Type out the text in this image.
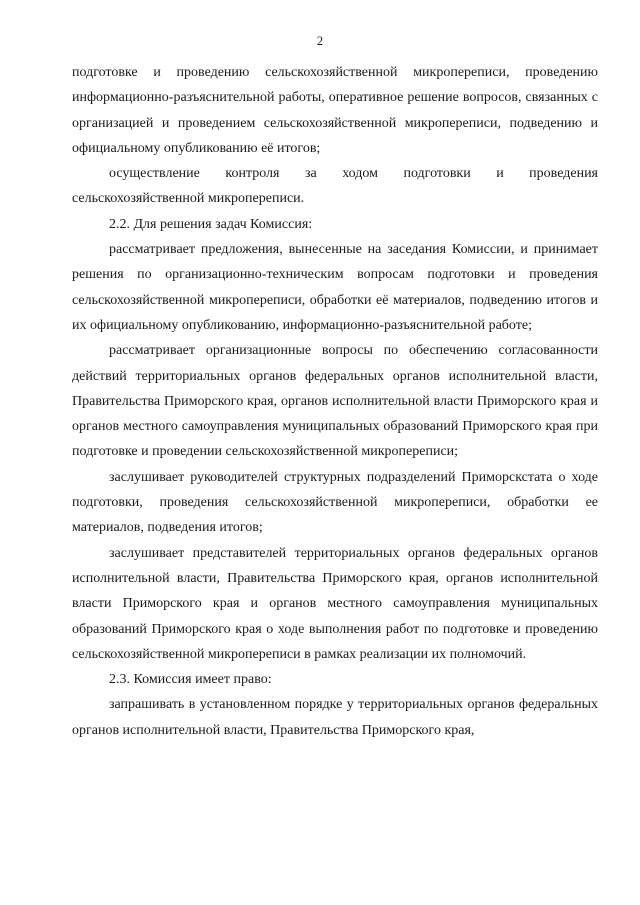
2

подготовке и проведению сельскохозяйственной микропереписи, проведению информационно-разъяснительной работы, оперативное решение вопросов, связанных с организацией и проведением сельскохозяйственной микропереписи, подведению и официальному опубликованию её итогов;

осуществление контроля за ходом подготовки и проведения сельскохозяйственной микропереписи.

2.2. Для решения задач Комиссия:

рассматривает предложения, вынесенные на заседания Комиссии, и принимает решения по организационно-техническим вопросам подготовки и проведения сельскохозяйственной микропереписи, обработки её материалов, подведению итогов и их официальному опубликованию, информационно-разъяснительной работе;

рассматривает организационные вопросы по обеспечению согласованности действий территориальных органов федеральных органов исполнительной власти, Правительства Приморского края, органов исполнительной власти Приморского края и органов местного самоуправления муниципальных образований Приморского края при подготовке и проведении сельскохозяйственной микропереписи;

заслушивает руководителей структурных подразделений Приморскстата о ходе подготовки, проведения сельскохозяйственной микропереписи, обработки ее материалов, подведения итогов;

заслушивает представителей территориальных органов федеральных органов исполнительной власти, Правительства Приморского края, органов исполнительной власти Приморского края и органов местного самоуправления муниципальных образований Приморского края о ходе выполнения работ по подготовке и проведению сельскохозяйственной микропереписи в рамках реализации их полномочий.

2.3. Комиссия имеет право:

запрашивать в установленном порядке у территориальных органов федеральных органов исполнительной власти, Правительства Приморского края,
